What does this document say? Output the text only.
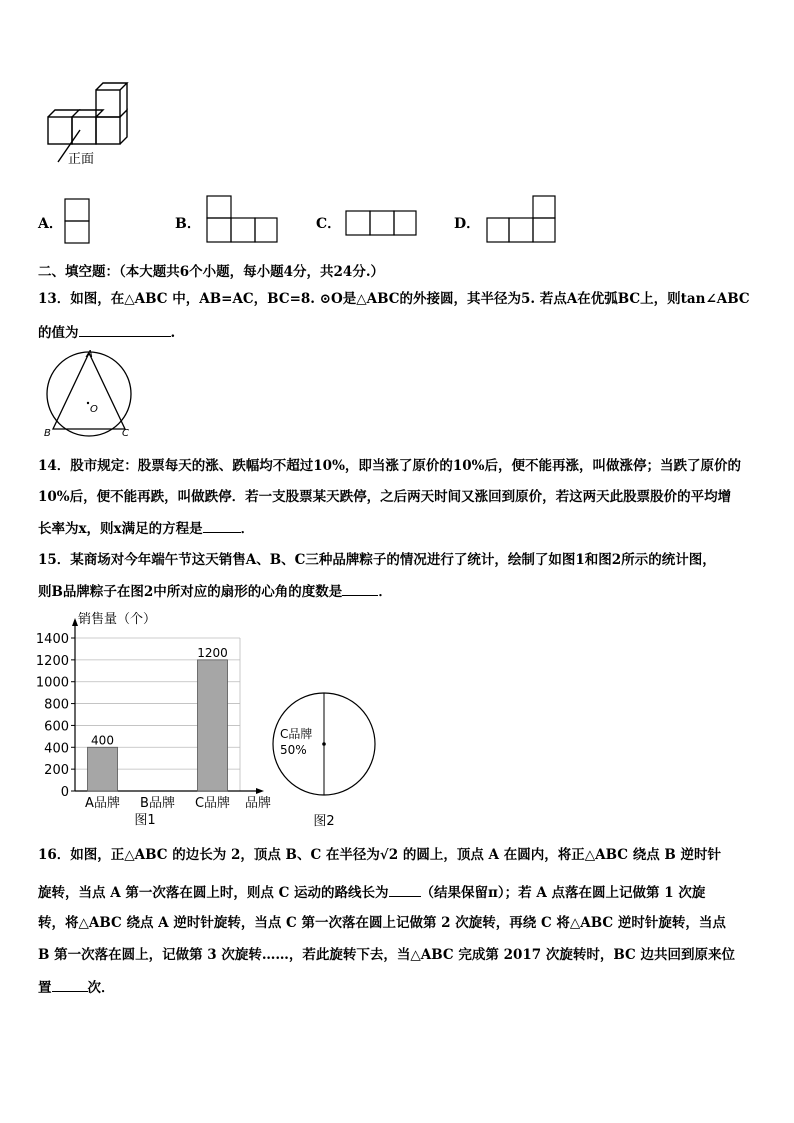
正面
A．	B．	C．	D．
二、填空题：（本大题共6个小题，每小题4分，共24分.）
13．如图，在△ABC 中，AB=AC，BC=8. ⊙O是△ABC的外接圆，其半径为5. 若点A在优弧BC上，则tan∠ABC
的值为	.
A
B	C
O
14．股市规定：股票每天的涨、跌幅均不超过10%，即当涨了原价的10%后，便不能再涨，叫做涨停；当跌了原价的
10%后，便不能再跌，叫做跌停．若一支股票某天跌停，之后两天时间又涨回到原价，若这两天此股票股价的平均增
长率为x，则x满足的方程是	．
15．某商场对今年端午节这天销售A、B、C三种品牌粽子的情况进行了统计，绘制了如图1和图2所示的统计图，
则B品牌粽子在图2中所对应的扇形的心角的度数是	．
0
200
400
600
800
1000
1200
1400
销售量（个）
品牌
400
A品牌 B品牌
1200
C品牌
图1
C品牌
50%
图2
16．如图，正△ABC 的边长为 2，顶点 B、C 在半径为√2 的圆上，顶点 A 在圆内，将正△ABC 绕点 B 逆时针
旋转，当点 A 第一次落在圆上时，则点 C 运动的路线长为 （结果保留π）；若 A 点落在圆上记做第 1 次旋
转，将△ABC 绕点 A 逆时针旋转，当点 C 第一次落在圆上记做第 2 次旋转，再绕 C 将△ABC 逆时针旋转，当点
B 第一次落在圆上，记做第 3 次旋转……，若此旋转下去，当△ABC 完成第 2017 次旋转时，BC 边共回到原来位
置	次．
